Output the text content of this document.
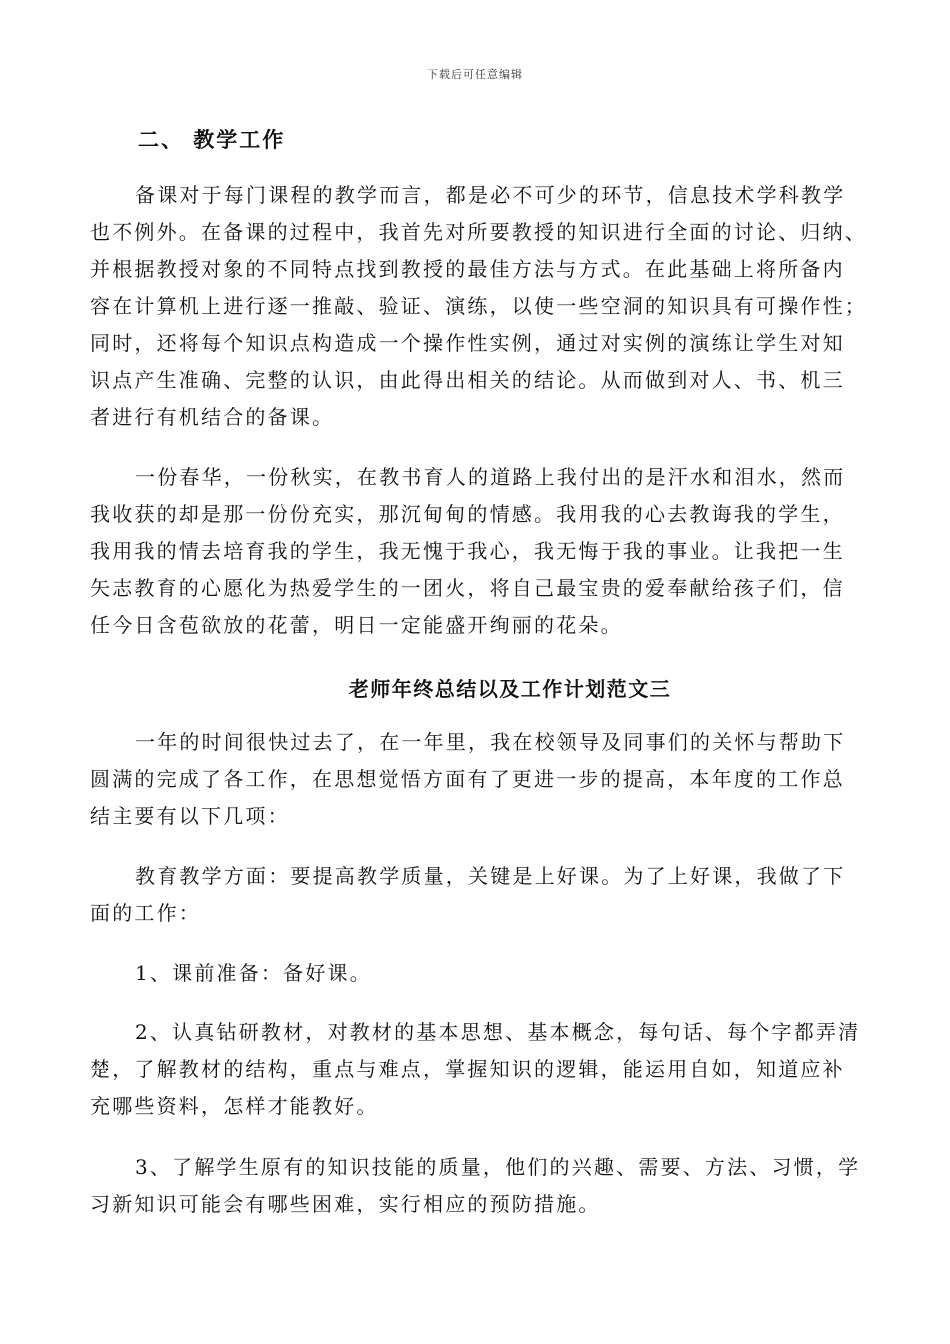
下载后可任意编辑
二、 教学工作

备课对于每门课程的教学而言，都是必不可少的环节，信息技术学科教学
也不例外。在备课的过程中，我首先对所要教授的知识进行全面的讨论、归纳、
并根据教授对象的不同特点找到教授的最佳方法与方式。在此基础上将所备内
容在计算机上进行逐一推敲、验证、演练，以使一些空洞的知识具有可操作性；
同时，还将每个知识点构造成一个操作性实例，通过对实例的演练让学生对知
识点产生准确、完整的认识，由此得出相关的结论。从而做到对人、书、机三
者进行有机结合的备课。

一份春华，一份秋实，在教书育人的道路上我付出的是汗水和泪水，然而
我收获的却是那一份份充实，那沉甸甸的情感。我用我的心去教诲我的学生，
我用我的情去培育我的学生，我无愧于我心，我无悔于我的事业。让我把一生
矢志教育的心愿化为热爱学生的一团火，将自己最宝贵的爱奉献给孩子们，信
任今日含苞欲放的花蕾，明日一定能盛开绚丽的花朵。

老师年终总结以及工作计划范文三

一年的时间很快过去了，在一年里，我在校领导及同事们的关怀与帮助下
圆满的完成了各工作，在思想觉悟方面有了更进一步的提高，本年度的工作总
结主要有以下几项：

教育教学方面：要提高教学质量，关键是上好课。为了上好课，我做了下
面的工作：

1、课前准备：备好课。

2、认真钻研教材，对教材的基本思想、基本概念，每句话、每个字都弄清
楚，了解教材的结构，重点与难点，掌握知识的逻辑，能运用自如，知道应补
充哪些资料，怎样才能教好。

3、了解学生原有的知识技能的质量，他们的兴趣、需要、方法、习惯，学
习新知识可能会有哪些困难，实行相应的预防措施。
